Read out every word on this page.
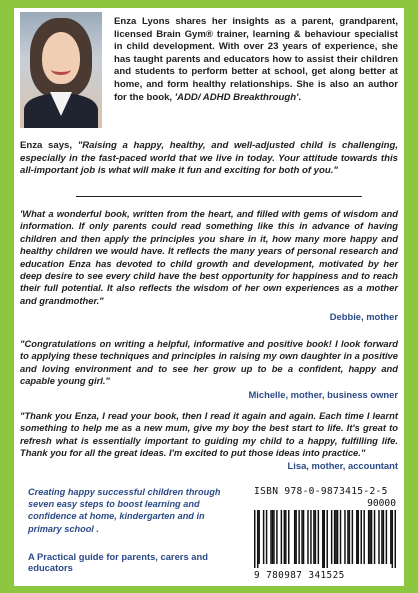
Enza Lyons shares her insights as a parent, grandparent, licensed Brain Gym® trainer, learning & behaviour specialist in child development. With over 23 years of experience, she has taught parents and educators how to assist their children and students to perform better at school, get along better at home, and form healthy relationships. She is also an author for the book, 'ADD/ ADHD Breakthrough'.
Enza says, "Raising a happy, healthy, and well-adjusted child is challenging, especially in the fast-paced world that we live in today. Your attitude towards this all-important job is what will make it fun and exciting for both of you."
'What a wonderful book, written from the heart, and filled with gems of wisdom and information. If only parents could read something like this in advance of having children and then apply the principles you share in it, how many more happy and healthy children we would have. It reflects the many years of personal research and education Enza has devoted to child growth and development, motivated by her deep desire to see every child have the best opportunity for happiness and to reach their full potential. It also reflects the wisdom of her own experiences as a mother and grandmother."
Debbie, mother
"Congratulations on writing a helpful, informative and positive book! I look forward to applying these techniques and principles in raising my own daughter in a positive and loving environment and to see her grow up to be a confident, happy and capable young girl."
Michelle, mother, business owner
"Thank you Enza, I read your book, then I read it again and again. Each time I learnt something to help me as a new mum, give my boy the best start to life. It's great to refresh what is essentially important to guiding my child to a happy, fulfilling life. Thank you for all the great ideas. I'm excited to put those ideas into practice."
Lisa, mother, accountant
Creating happy successful children through seven easy steps to boost learning and confidence at home, kindergarten and in primary school .
A Practical guide for parents, carers and educators
ISBN 978-0-9873415-2-5
90000
9 780987 341525
